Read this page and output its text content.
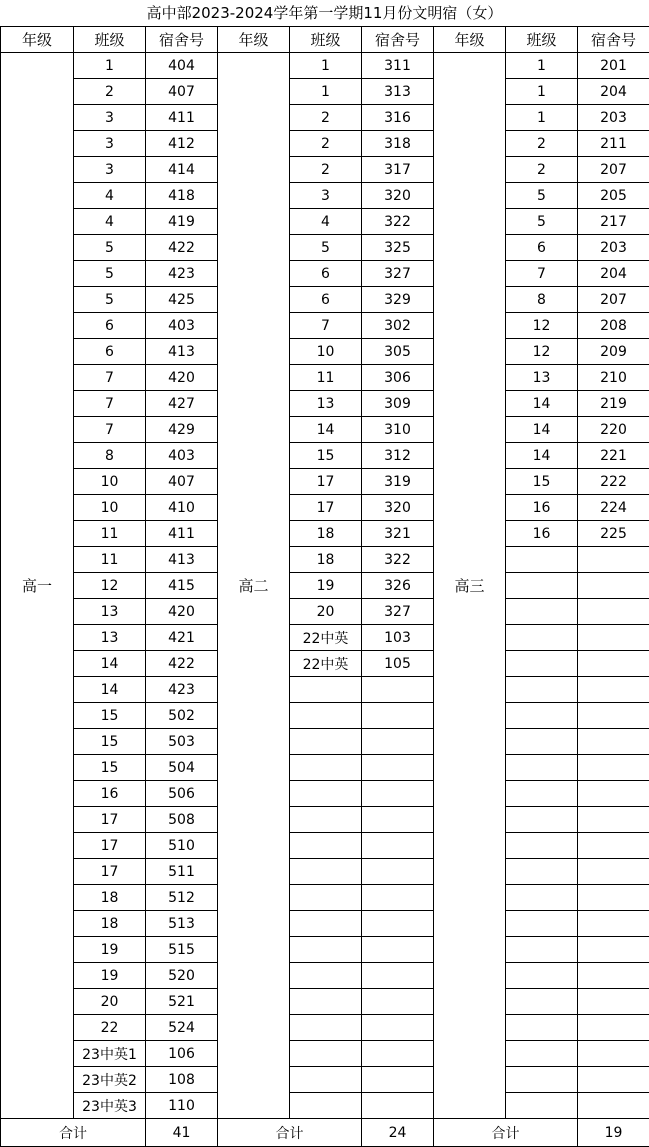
高中部2023-2024学年第一学期11月份文明宿（女）
年级	班级	宿舍号	年级	班级	宿舍号	年级	班级	宿舍号
高一	1	404	高二	1	311	高三	1	201
	2	407		1	313		1	204
	3	411		2	316		1	203
	3	412		2	318		2	211
	3	414		2	317		2	207
	4	418		3	320		5	205
	4	419		4	322		5	217
	5	422		5	325		6	203
	5	423		6	327		7	204
	5	425		6	329		8	207
	6	403		7	302		12	208
	6	413		10	305		12	209
	7	420		11	306		13	210
	7	427		13	309		14	219
	7	429		14	310		14	220
	8	403		15	312		14	221
	10	407		17	319		15	222
	10	410		17	320		16	224
	11	411		18	321		16	225
	11	413		18	322			
	12	415		19	326			
	13	420		20	327			
	13	421		22中英	103			
	14	422		22中英	105			
	14	423						
	15	502						
	15	503						
	15	504						
	16	506						
	17	508						
	17	510						
	17	511						
	18	512						
	18	513						
	19	515						
	19	520						
	20	521						
	22	524						
	23中英1	106						
	23中英2	108						
	23中英3	110						
合计		41	合计		24	合计		19
